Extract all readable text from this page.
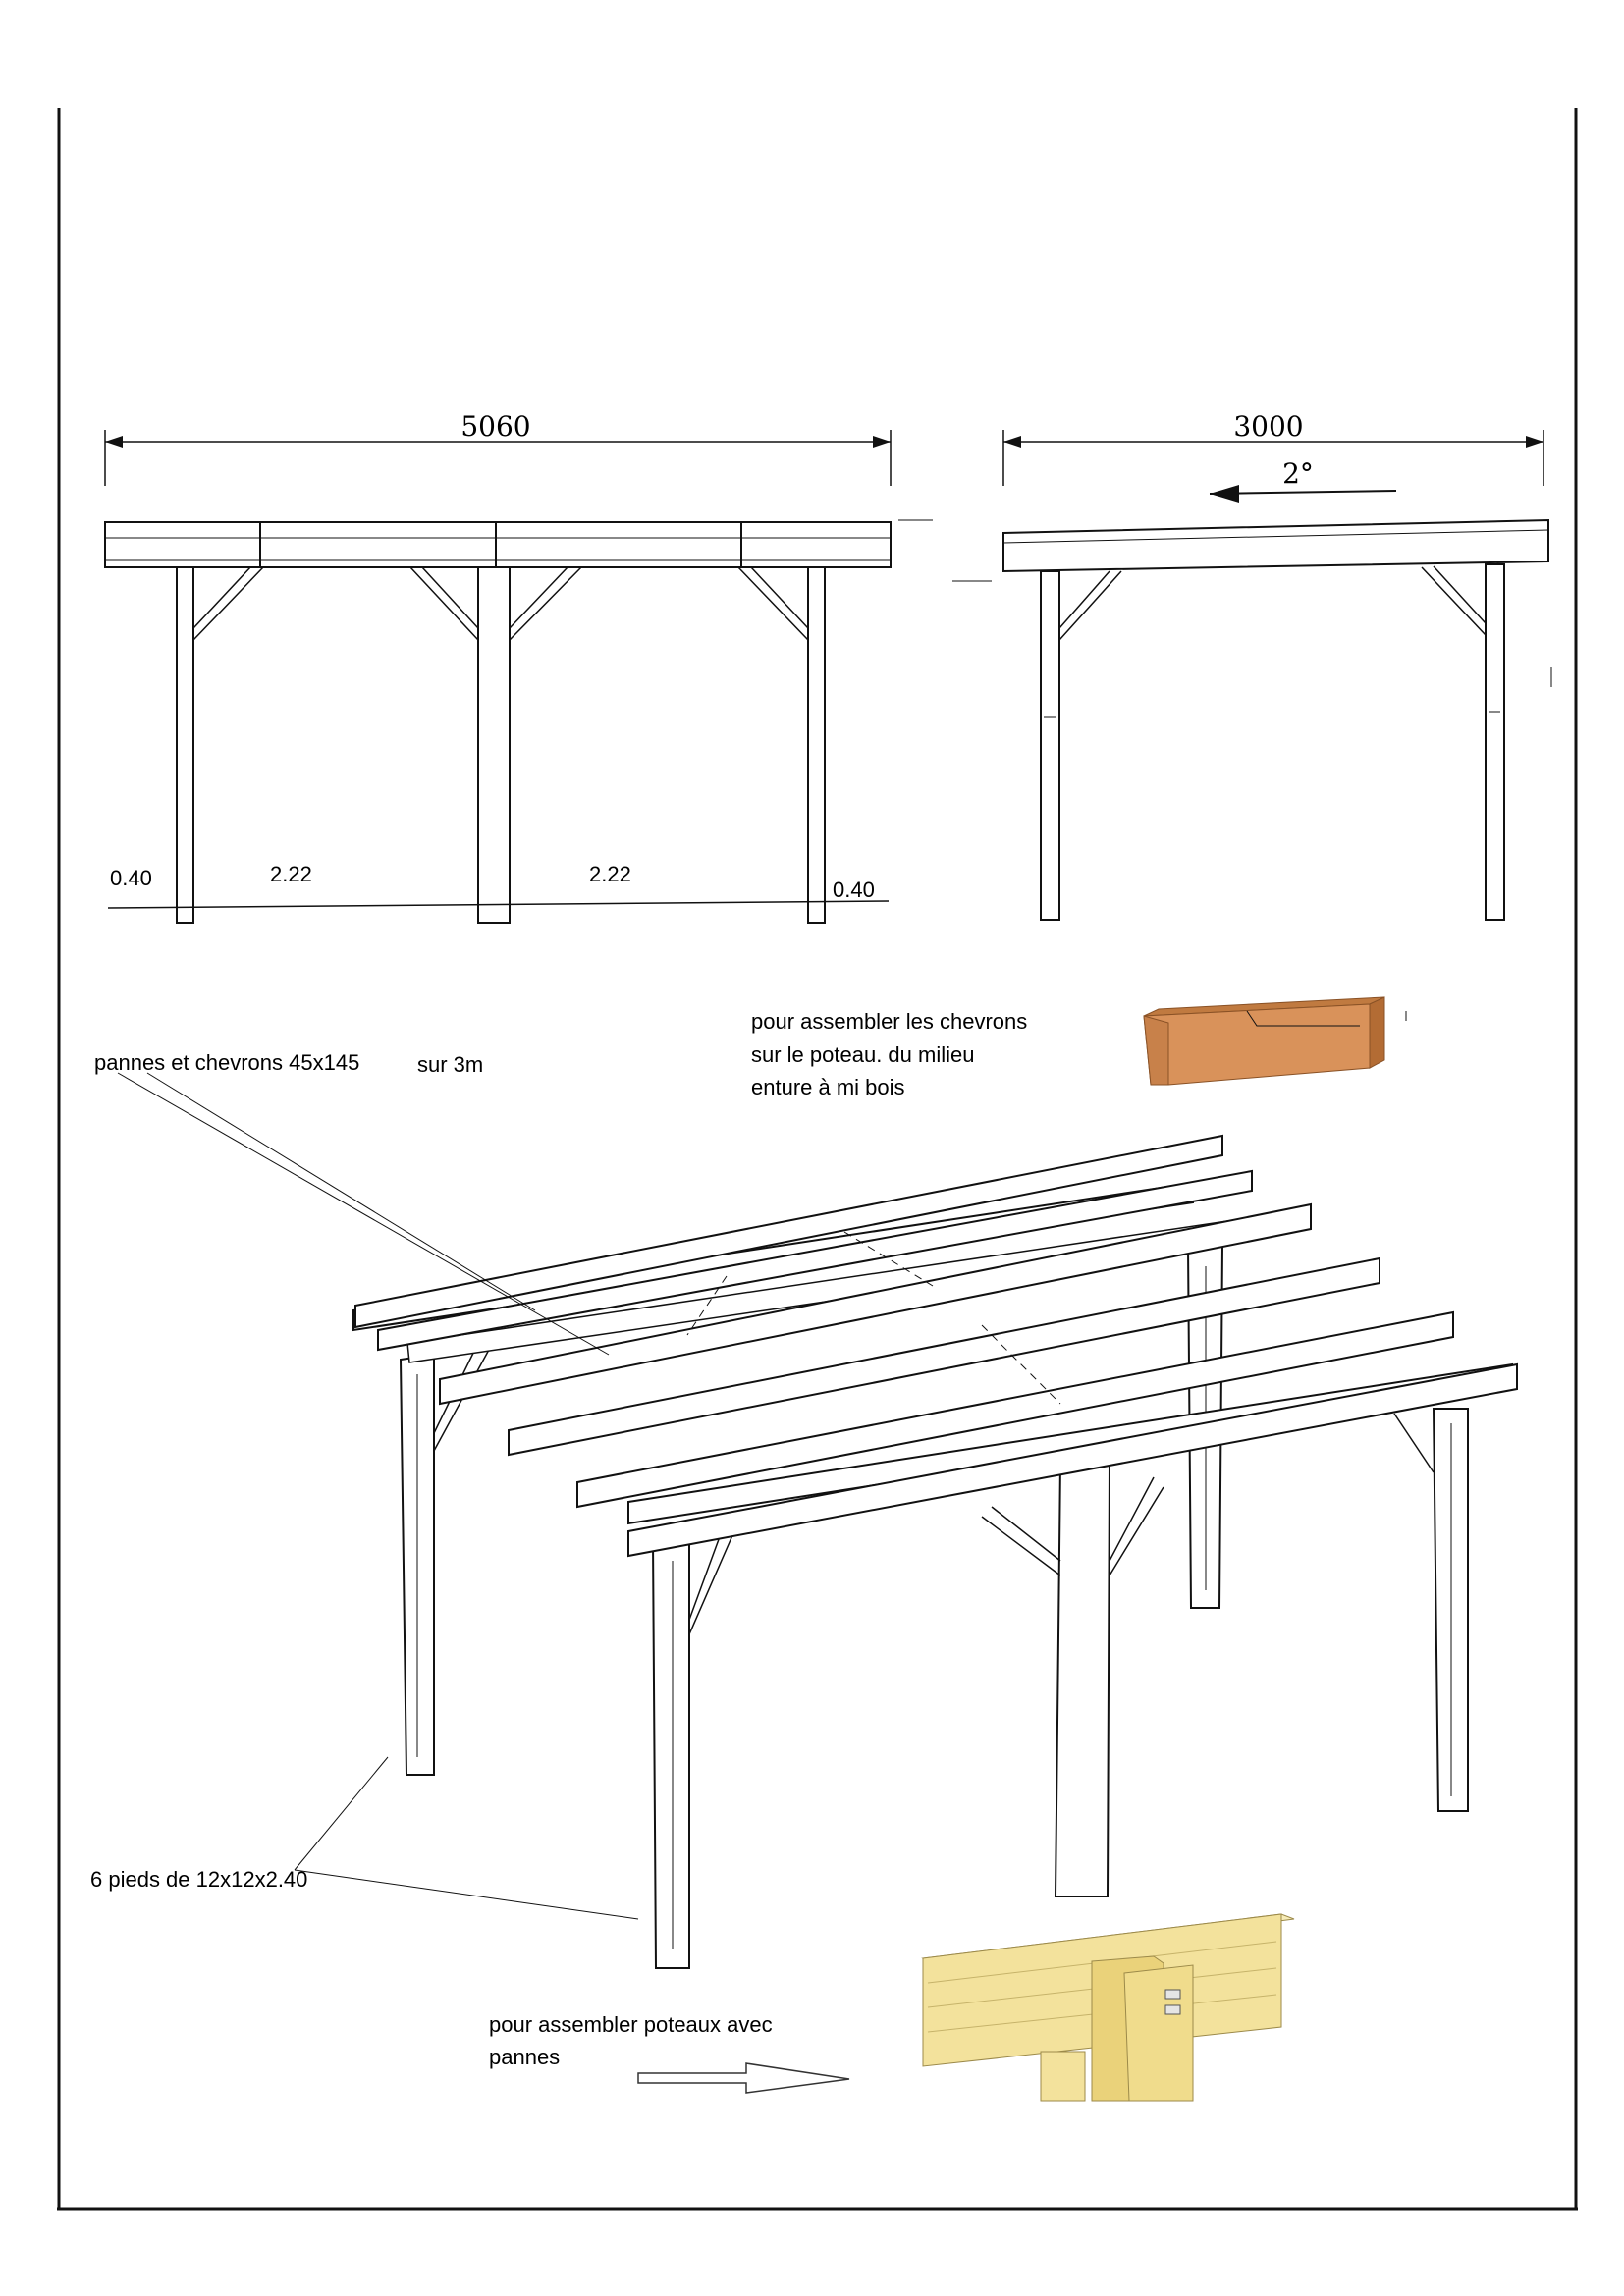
5060
0.40	2.22	2.22
0.40
3000
2°
pour assembler les chevrons
sur le poteau. du milieu
enture à mi bois
pannes et chevrons 45x145	sur 3m
6 pieds de 12x12x2.40
pour assembler poteaux avec
pannes
